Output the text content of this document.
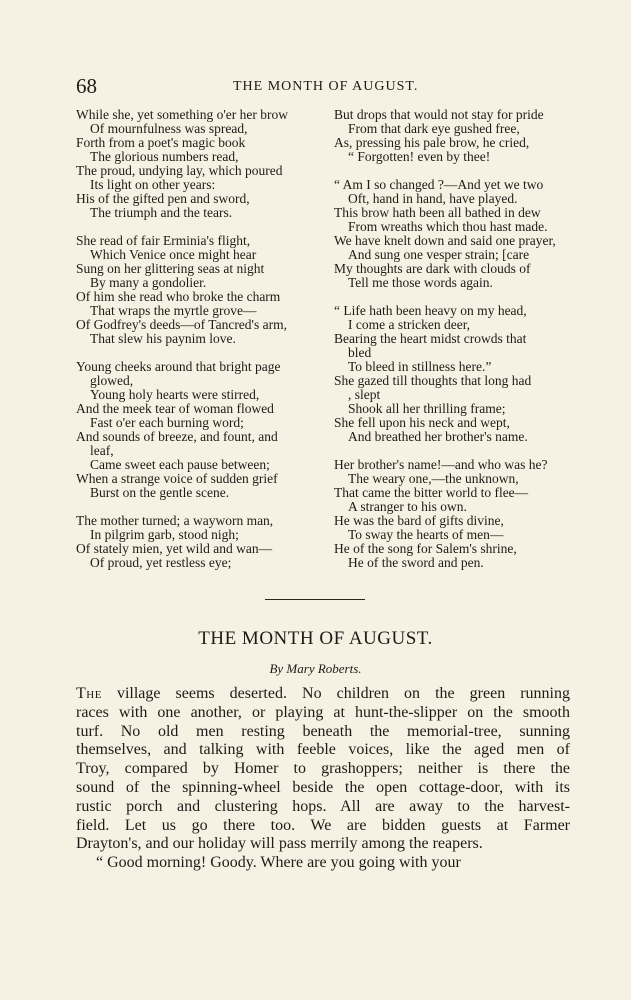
68	THE MONTH OF AUGUST.
While she, yet something o'er her brow
Of mournfulness was spread,
Forth from a poet's magic book
The glorious numbers read,
The proud, undying lay, which poured
Its light on other years:
His of the gifted pen and sword,
The triumph and the tears.
She read of fair Erminia's flight,
Which Venice once might hear
Sung on her glittering seas at night
By many a gondolier.
Of him she read who broke the charm
That wraps the myrtle grove—
Of Godfrey's deeds—of Tancred's arm,
That slew his paynim love.
Young cheeks around that bright page
glowed,
Young holy hearts were stirred,
And the meek tear of woman flowed
Fast o'er each burning word;
And sounds of breeze, and fount, and
leaf,
Came sweet each pause between;
When a strange voice of sudden grief
Burst on the gentle scene.
The mother turned; a wayworn man,
In pilgrim garb, stood nigh;
Of stately mien, yet wild and wan—
Of proud, yet restless eye;
But drops that would not stay for pride
From that dark eye gushed free,
As, pressing his pale brow, he cried,
“ Forgotten! even by thee!
“ Am I so changed ?—And yet we two
Oft, hand in hand, have played.
This brow hath been all bathed in dew
From wreaths which thou hast made.
We have knelt down and said one prayer,
And sung one vesper strain; [care
My thoughts are dark with clouds of
Tell me those words again.
“ Life hath been heavy on my head,
I come a stricken deer,
Bearing the heart midst crowds that
bled
To bleed in stillness here.”
She gazed till thoughts that long had
, slept
Shook all her thrilling frame;
She fell upon his neck and wept,
And breathed her brother's name.
Her brother's name!—and who was he?
The weary one,—the unknown,
That came the bitter world to flee—
A stranger to his own.
He was the bard of gifts divine,
To sway the hearts of men—
He of the song for Salem's shrine,
He of the sword and pen.
THE MONTH OF AUGUST.
By Mary Roberts.
The village seems deserted. No children on the green running
races with one another, or playing at hunt-the-slipper on the smooth
turf. No old men resting beneath the memorial-tree, sunning
themselves, and talking with feeble voices, like the aged men of
Troy, compared by Homer to grashoppers; neither is there the
sound of the spinning-wheel beside the open cottage-door, with its
rustic porch and clustering hops. All are away to the harvest-
field. Let us go there too. We are bidden guests at Farmer
Drayton's, and our holiday will pass merrily among the reapers.
“ Good morning! Goody. Where are you going with your
